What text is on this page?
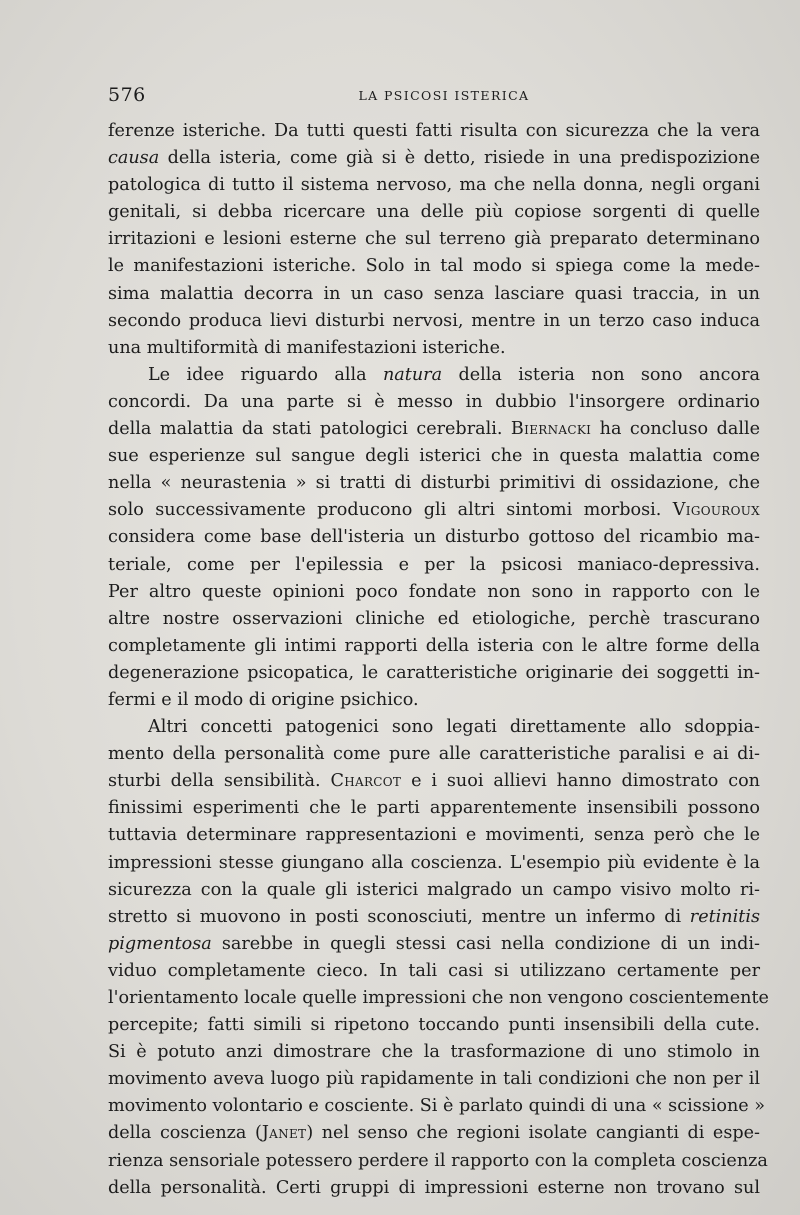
576	LA PSICOSI ISTERICA
ferenze isteriche. Da tutti questi fatti risulta con sicurezza che la vera
causa della isteria, come già si è detto, risiede in una predispozizione
patologica di tutto il sistema nervoso, ma che nella donna, negli organi
genitali, si debba ricercare una delle più copiose sorgenti di quelle
irritazioni e lesioni esterne che sul terreno già preparato determinano
le manifestazioni isteriche. Solo in tal modo si spiega come la mede-
sima malattia decorra in un caso senza lasciare quasi traccia, in un
secondo produca lievi disturbi nervosi, mentre in un terzo caso induca
una multiformità di manifestazioni isteriche.
Le idee riguardo alla natura della isteria non sono ancora
concordi. Da una parte si è messo in dubbio l'insorgere ordinario
della malattia da stati patologici cerebrali. Biernacki ha concluso dalle
sue esperienze sul sangue degli isterici che in questa malattia come
nella « neurastenia » si tratti di disturbi primitivi di ossidazione, che
solo successivamente producono gli altri sintomi morbosi. Vigouroux
considera come base dell'isteria un disturbo gottoso del ricambio ma-
teriale, come per l'epilessia e per la psicosi maniaco-depressiva.
Per altro queste opinioni poco fondate non sono in rapporto con le
altre nostre osservazioni cliniche ed etiologiche, perchè trascurano
completamente gli intimi rapporti della isteria con le altre forme della
degenerazione psicopatica, le caratteristiche originarie dei soggetti in-
fermi e il modo di origine psichico.
Altri concetti patogenici sono legati direttamente allo sdoppia-
mento della personalità come pure alle caratteristiche paralisi e ai di-
sturbi della sensibilità. Charcot e i suoi allievi hanno dimostrato con
finissimi esperimenti che le parti apparentemente insensibili possono
tuttavia determinare rappresentazioni e movimenti, senza però che le
impressioni stesse giungano alla coscienza. L'esempio più evidente è la
sicurezza con la quale gli isterici malgrado un campo visivo molto ri-
stretto si muovono in posti sconosciuti, mentre un infermo di retinitis
pigmentosa sarebbe in quegli stessi casi nella condizione di un indi-
viduo completamente cieco. In tali casi si utilizzano certamente per
l'orientamento locale quelle impressioni che non vengono coscientemente
percepite; fatti simili si ripetono toccando punti insensibili della cute.
Si è potuto anzi dimostrare che la trasformazione di uno stimolo in
movimento aveva luogo più rapidamente in tali condizioni che non per il
movimento volontario e cosciente. Si è parlato quindi di una « scissione »
della coscienza (Janet) nel senso che regioni isolate cangianti di espe-
rienza sensoriale potessero perdere il rapporto con la completa coscienza
della personalità. Certi gruppi di impressioni esterne non trovano sul
